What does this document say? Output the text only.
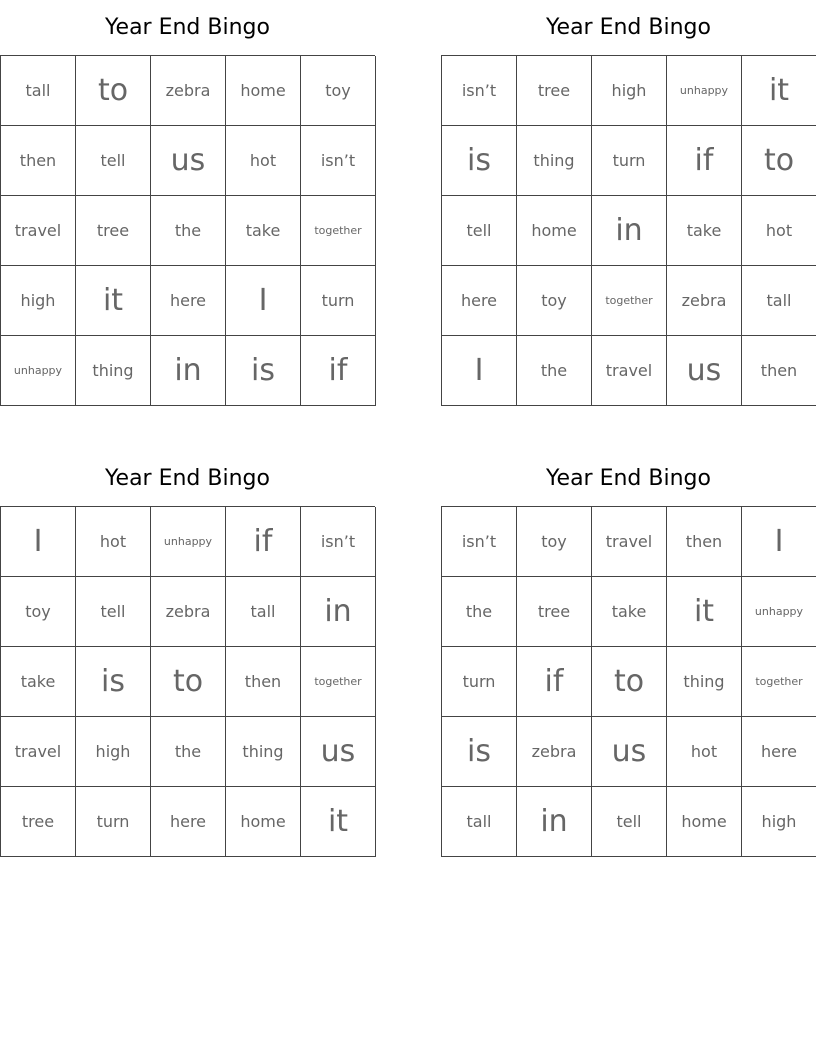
Year End Bingo
tall	to	zebra	home	toy
then	tell	us	hot	isn’t
travel	tree	the	take	together
high	it	here	I	turn
unhappy	thing	in	is	if
Year End Bingo
isn’t	tree	high	unhappy	it
is	thing	turn	if	to
tell	home	in	take	hot
here	toy	together	zebra	tall
I	the	travel	us	then
Year End Bingo
I	hot	unhappy	if	isn’t
toy	tell	zebra	tall	in
take	is	to	then	together
travel	high	the	thing	us
tree	turn	here	home	it
Year End Bingo
isn’t	toy	travel	then	I
the	tree	take	it	unhappy
turn	if	to	thing	together
is	zebra	us	hot	here
tall	in	tell	home	high
